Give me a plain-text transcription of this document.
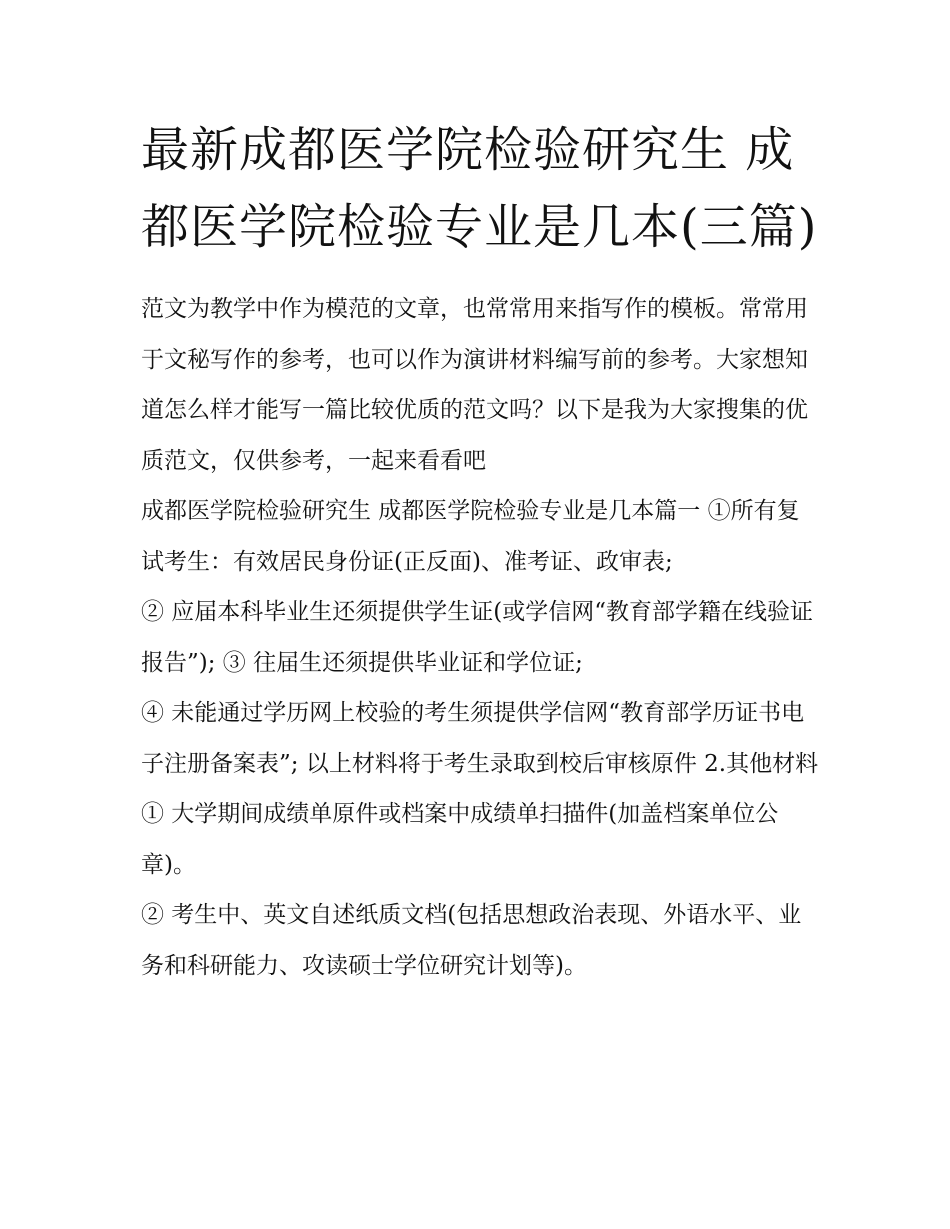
最新成都医学院检验研究生 成都医学院检验专业是几本(三篇)

范文为教学中作为模范的文章，也常常用来指写作的模板。常常用于文秘写作的参考，也可以作为演讲材料编写前的参考。大家想知道怎么样才能写一篇比较优质的范文吗？以下是我为大家搜集的优质范文，仅供参考，一起来看看吧

成都医学院检验研究生 成都医学院检验专业是几本篇一 ①所有复试考生：有效居民身份证(正反面)、准考证、政审表;

② 应届本科毕业生还须提供学生证(或学信网“教育部学籍在线验证报告”); ③ 往届生还须提供毕业证和学位证;

④ 未能通过学历网上校验的考生须提供学信网“教育部学历证书电子注册备案表”; 以上材料将于考生录取到校后审核原件 2.其他材料

① 大学期间成绩单原件或档案中成绩单扫描件(加盖档案单位公章)。

② 考生中、英文自述纸质文档(包括思想政治表现、外语水平、业务和科研能力、攻读硕士学位研究计划等)。
